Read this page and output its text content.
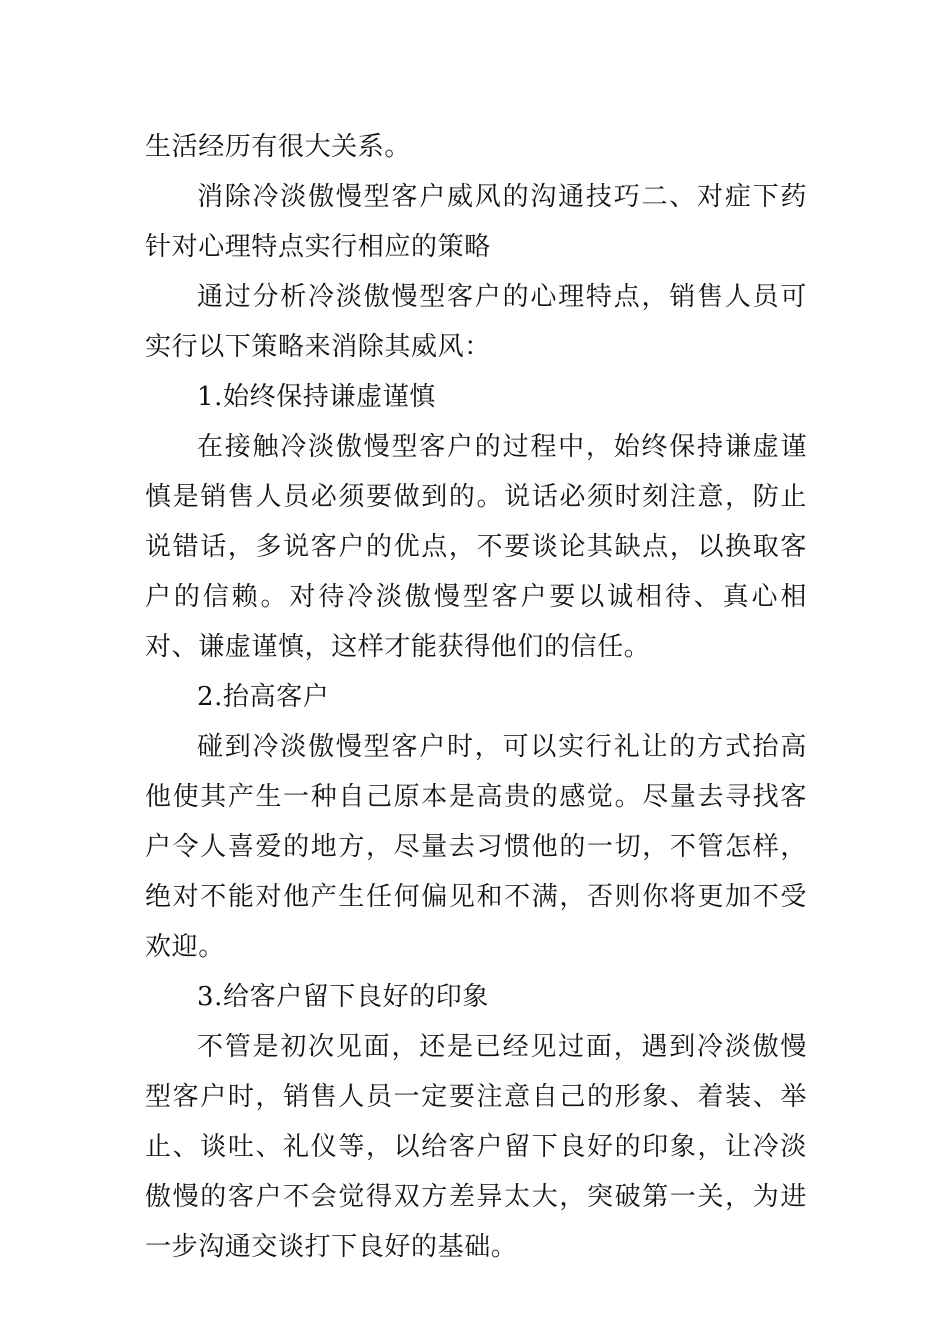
生活经历有很大关系。

消除冷淡傲慢型客户威风的沟通技巧二、对症下药针对心理特点实行相应的策略

通过分析冷淡傲慢型客户的心理特点，销售人员可实行以下策略来消除其威风：

1.始终保持谦虚谨慎

在接触冷淡傲慢型客户的过程中，始终保持谦虚谨慎是销售人员必须要做到的。说话必须时刻注意，防止说错话，多说客户的优点，不要谈论其缺点，以换取客户的信赖。对待冷淡傲慢型客户要以诚相待、真心相对、谦虚谨慎，这样才能获得他们的信任。

2.抬高客户

碰到冷淡傲慢型客户时，可以实行礼让的方式抬高他使其产生一种自己原本是高贵的感觉。尽量去寻找客户令人喜爱的地方，尽量去习惯他的一切，不管怎样，绝对不能对他产生任何偏见和不满，否则你将更加不受欢迎。

3.给客户留下良好的印象

不管是初次见面，还是已经见过面，遇到冷淡傲慢型客户时，销售人员一定要注意自己的形象、着装、举止、谈吐、礼仪等，以给客户留下良好的印象，让冷淡傲慢的客户不会觉得双方差异太大，突破第一关，为进一步沟通交谈打下良好的基础。
